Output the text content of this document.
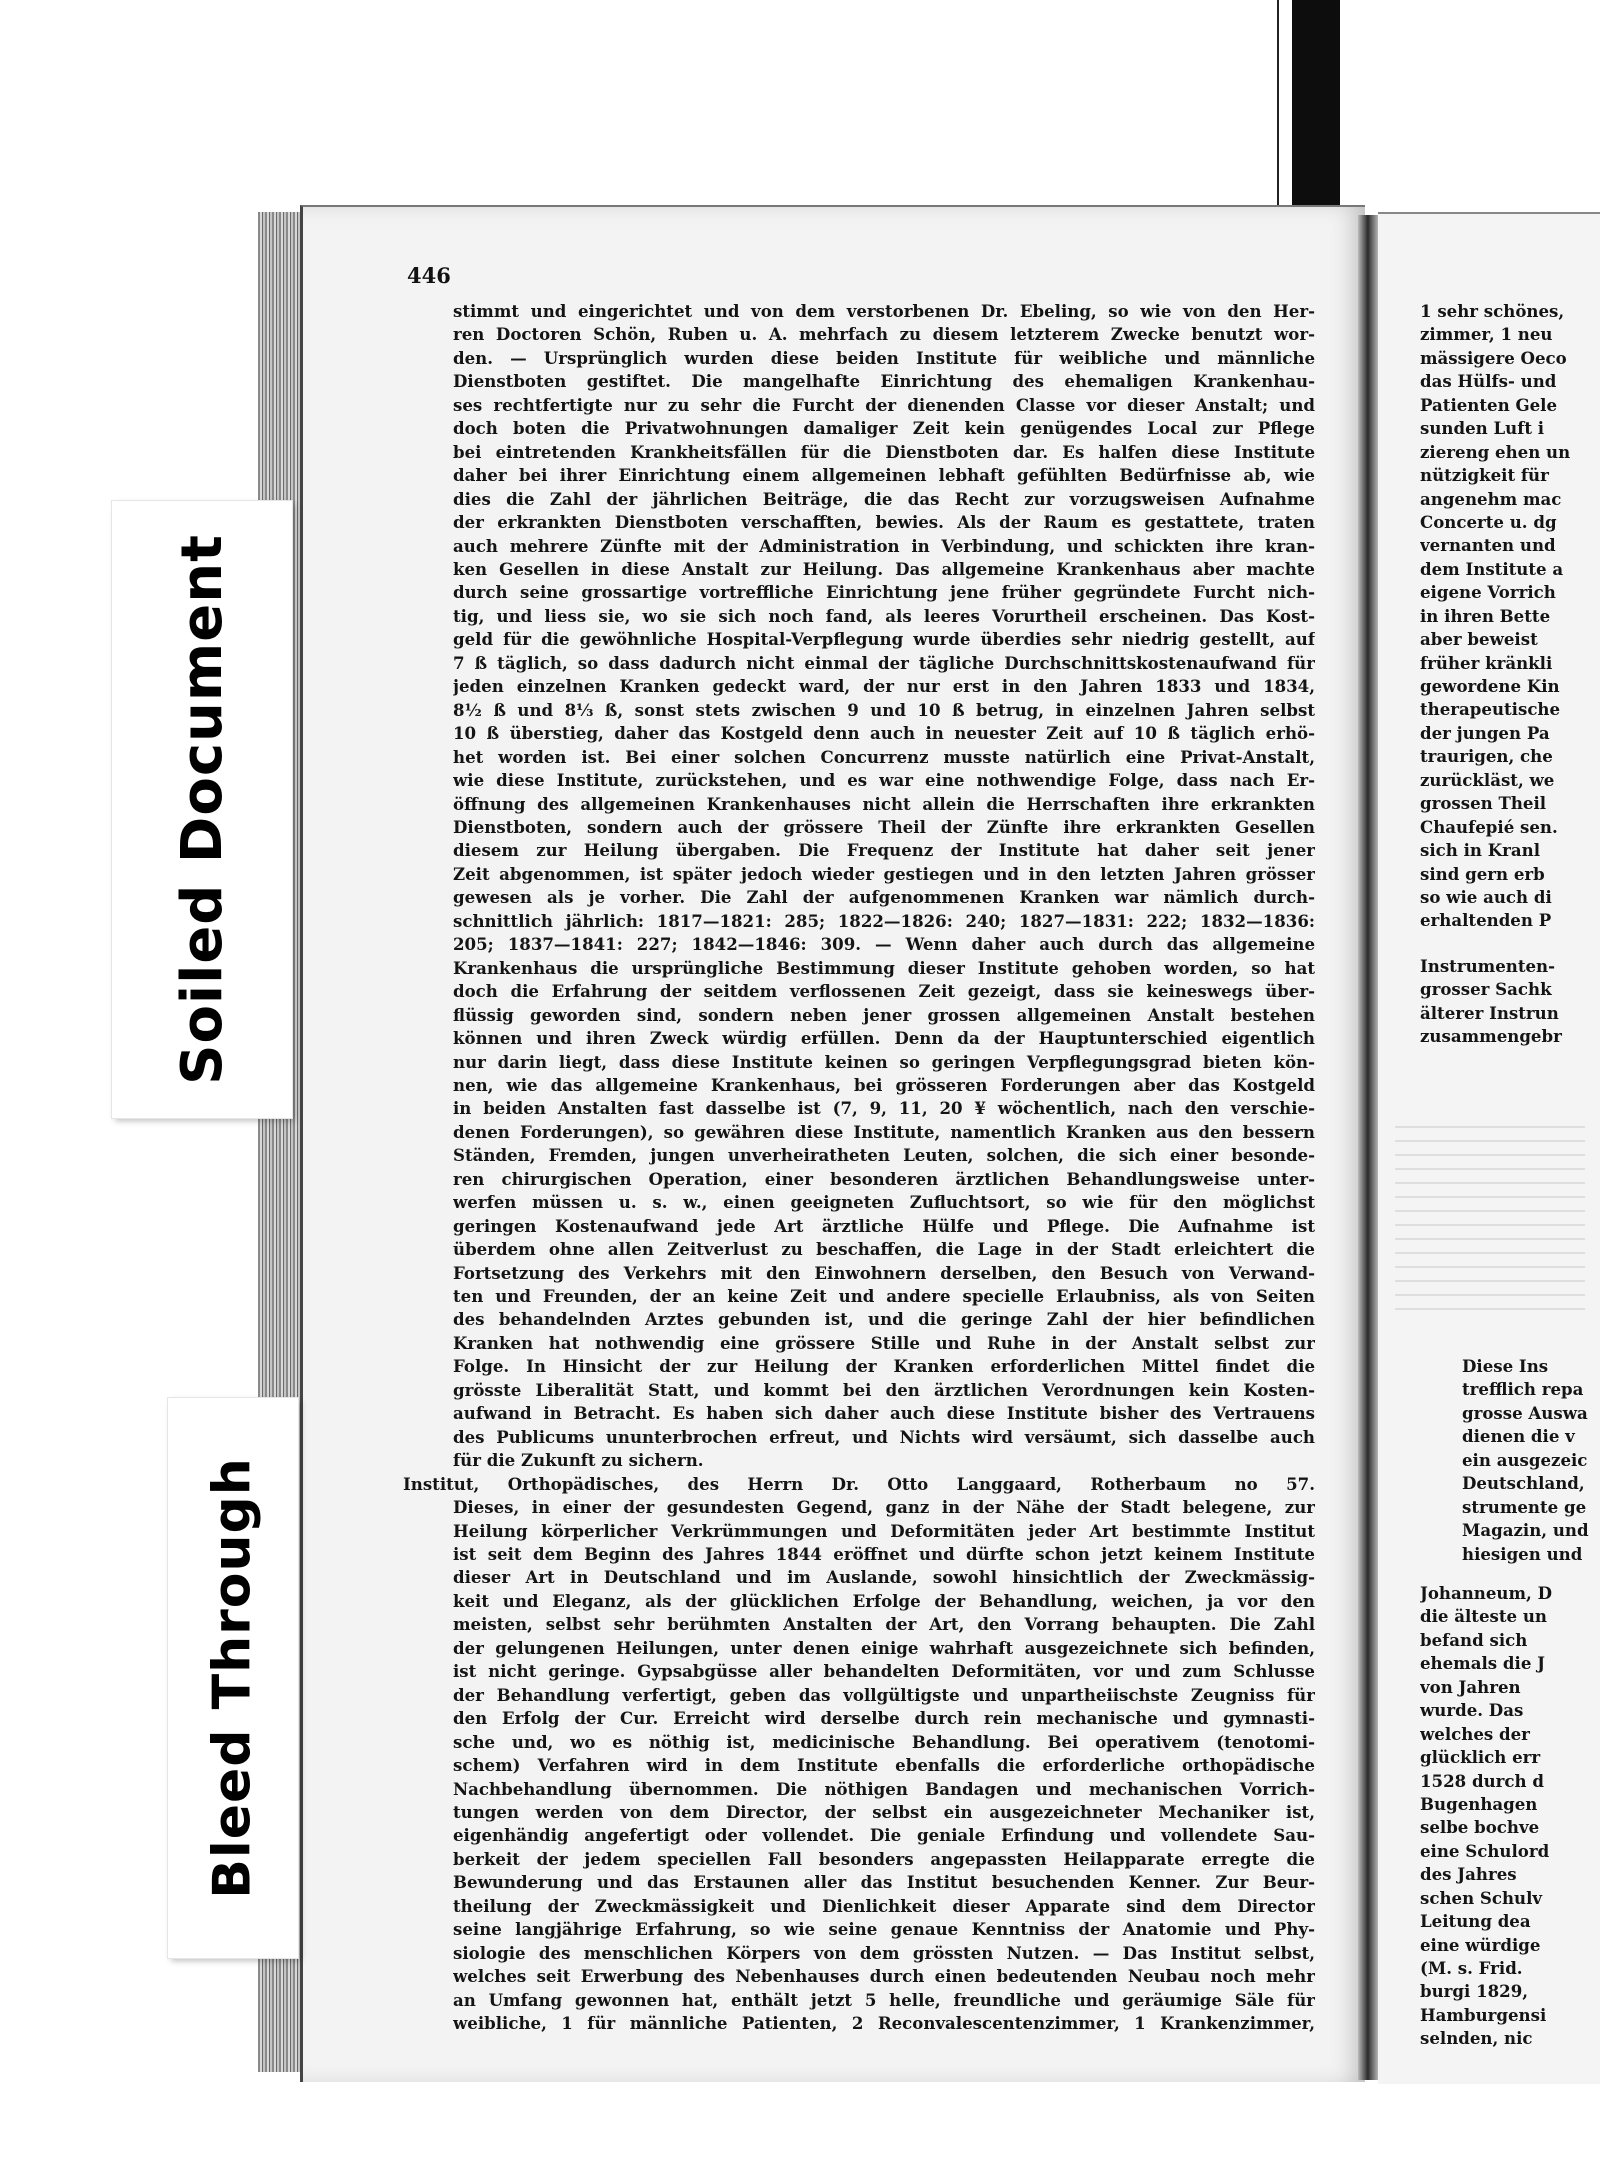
446
stimmt und eingerichtet und von dem verstorbenen Dr. Ebeling, so wie von den Her-
ren Doctoren Schön, Ruben u. A. mehrfach zu diesem letzterem Zwecke benutzt wor-
den. — Ursprünglich wurden diese beiden Institute für weibliche und männliche
Dienstboten gestiftet. Die mangelhafte Einrichtung des ehemaligen Krankenhau-
ses rechtfertigte nur zu sehr die Furcht der dienenden Classe vor dieser Anstalt; und
doch boten die Privatwohnungen damaliger Zeit kein genügendes Local zur Pflege
bei eintretenden Krankheitsfällen für die Dienstboten dar. Es halfen diese Institute
daher bei ihrer Einrichtung einem allgemeinen lebhaft gefühlten Bedürfnisse ab, wie
dies die Zahl der jährlichen Beiträge, die das Recht zur vorzugsweisen Aufnahme
der erkrankten Dienstboten verschafften, bewies. Als der Raum es gestattete, traten
auch mehrere Zünfte mit der Administration in Verbindung, und schickten ihre kran-
ken Gesellen in diese Anstalt zur Heilung. Das allgemeine Krankenhaus aber machte
durch seine grossartige vortreffliche Einrichtung jene früher gegründete Furcht nich-
tig, und liess sie, wo sie sich noch fand, als leeres Vorurtheil erscheinen. Das Kost-
geld für die gewöhnliche Hospital-Verpflegung wurde überdies sehr niedrig gestellt, auf
7 ß täglich, so dass dadurch nicht einmal der tägliche Durchschnittskostenaufwand für
jeden einzelnen Kranken gedeckt ward, der nur erst in den Jahren 1833 und 1834,
8½ ß und 8⅓ ß, sonst stets zwischen 9 und 10 ß betrug, in einzelnen Jahren selbst
10 ß überstieg, daher das Kostgeld denn auch in neuester Zeit auf 10 ß täglich erhö-
het worden ist. Bei einer solchen Concurrenz musste natürlich eine Privat-Anstalt,
wie diese Institute, zurückstehen, und es war eine nothwendige Folge, dass nach Er-
öffnung des allgemeinen Krankenhauses nicht allein die Herrschaften ihre erkrankten
Dienstboten, sondern auch der grössere Theil der Zünfte ihre erkrankten Gesellen
diesem zur Heilung übergaben. Die Frequenz der Institute hat daher seit jener
Zeit abgenommen, ist später jedoch wieder gestiegen und in den letzten Jahren grösser
gewesen als je vorher. Die Zahl der aufgenommenen Kranken war nämlich durch-
schnittlich jährlich: 1817—1821: 285; 1822—1826: 240; 1827—1831: 222; 1832—1836:
205; 1837—1841: 227; 1842—1846: 309. — Wenn daher auch durch das allgemeine
Krankenhaus die ursprüngliche Bestimmung dieser Institute gehoben worden, so hat
doch die Erfahrung der seitdem verflossenen Zeit gezeigt, dass sie keineswegs über-
flüssig geworden sind, sondern neben jener grossen allgemeinen Anstalt bestehen
können und ihren Zweck würdig erfüllen. Denn da der Hauptunterschied eigentlich
nur darin liegt, dass diese Institute keinen so geringen Verpflegungsgrad bieten kön-
nen, wie das allgemeine Krankenhaus, bei grösseren Forderungen aber das Kostgeld
in beiden Anstalten fast dasselbe ist (7, 9, 11, 20 ¥ wöchentlich, nach den verschie-
denen Forderungen), so gewähren diese Institute, namentlich Kranken aus den bessern
Ständen, Fremden, jungen unverheiratheten Leuten, solchen, die sich einer besonde-
ren chirurgischen Operation, einer besonderen ärztlichen Behandlungsweise unter-
werfen müssen u. s. w., einen geeigneten Zufluchtsort, so wie für den möglichst
geringen Kostenaufwand jede Art ärztliche Hülfe und Pflege. Die Aufnahme ist
überdem ohne allen Zeitverlust zu beschaffen, die Lage in der Stadt erleichtert die
Fortsetzung des Verkehrs mit den Einwohnern derselben, den Besuch von Verwand-
ten und Freunden, der an keine Zeit und andere specielle Erlaubniss, als von Seiten
des behandelnden Arztes gebunden ist, und die geringe Zahl der hier befindlichen
Kranken hat nothwendig eine grössere Stille und Ruhe in der Anstalt selbst zur
Folge. In Hinsicht der zur Heilung der Kranken erforderlichen Mittel findet die
grösste Liberalität Statt, und kommt bei den ärztlichen Verordnungen kein Kosten-
aufwand in Betracht. Es haben sich daher auch diese Institute bisher des Vertrauens
des Publicums ununterbrochen erfreut, und Nichts wird versäumt, sich dasselbe auch
für die Zukunft zu sichern.
Institut, Orthopädisches, des Herrn Dr. Otto Langgaard, Rotherbaum no 57.
Dieses, in einer der gesundesten Gegend, ganz in der Nähe der Stadt belegene, zur
Heilung körperlicher Verkrümmungen und Deformitäten jeder Art bestimmte Institut
ist seit dem Beginn des Jahres 1844 eröffnet und dürfte schon jetzt keinem Institute
dieser Art in Deutschland und im Auslande, sowohl hinsichtlich der Zweckmässig-
keit und Eleganz, als der glücklichen Erfolge der Behandlung, weichen, ja vor den
meisten, selbst sehr berühmten Anstalten der Art, den Vorrang behaupten. Die Zahl
der gelungenen Heilungen, unter denen einige wahrhaft ausgezeichnete sich befinden,
ist nicht geringe. Gypsabgüsse aller behandelten Deformitäten, vor und zum Schlusse
der Behandlung verfertigt, geben das vollgültigste und unpartheiischste Zeugniss für
den Erfolg der Cur. Erreicht wird derselbe durch rein mechanische und gymnasti-
sche und, wo es nöthig ist, medicinische Behandlung. Bei operativem (tenotomi-
schem) Verfahren wird in dem Institute ebenfalls die erforderliche orthopädische
Nachbehandlung übernommen. Die nöthigen Bandagen und mechanischen Vorrich-
tungen werden von dem Director, der selbst ein ausgezeichneter Mechaniker ist,
eigenhändig angefertigt oder vollendet. Die geniale Erfindung und vollendete Sau-
berkeit der jedem speciellen Fall besonders angepassten Heilapparate erregte die
Bewunderung und das Erstaunen aller das Institut besuchenden Kenner. Zur Beur-
theilung der Zweckmässigkeit und Dienlichkeit dieser Apparate sind dem Director
seine langjährige Erfahrung, so wie seine genaue Kenntniss der Anatomie und Phy-
siologie des menschlichen Körpers von dem grössten Nutzen. — Das Institut selbst,
welches seit Erwerbung des Nebenhauses durch einen bedeutenden Neubau noch mehr
an Umfang gewonnen hat, enthält jetzt 5 helle, freundliche und geräumige Säle für
weibliche, 1 für männliche Patienten, 2 Reconvalescentenzimmer, 1 Krankenzimmer,
1 sehr schönes,
zimmer, 1 neu
mässigere Oeco
das Hülfs- und
Patienten Gele
sunden Luft i
ziereng ehen un
nützigkeit für
angenehm mac
Concerte u. dg
vernanten und
dem Institute a
eigene Vorrich
in ihren Bette
aber beweist
früher kränkli
gewordene Kin
therapeutische
der jungen Pa
traurigen, che
zurückläst, we
grossen Theil
Chaufepié sen.
sich in Kranl
sind gern erb
so wie auch di
erhaltenden P
Instrumenten-
grosser Sachk
älterer Instrun
zusammengebr
Diese Ins
trefflich repa
grosse Auswa
dienen die v
ein ausgezeic
Deutschland,
strumente ge
Magazin, und
hiesigen und
Johanneum, D
die älteste un
befand sich
ehemals die J
von Jahren
wurde. Das
welches der
glücklich err
1528 durch d
Bugenhagen
selbe bochve
eine Schulord
des Jahres
schen Schulv
Leitung dea
eine würdige
(M. s. Frid.
burgi 1829,
Hamburgensi
selnden, nic
Soiled Document
Bleed Through
